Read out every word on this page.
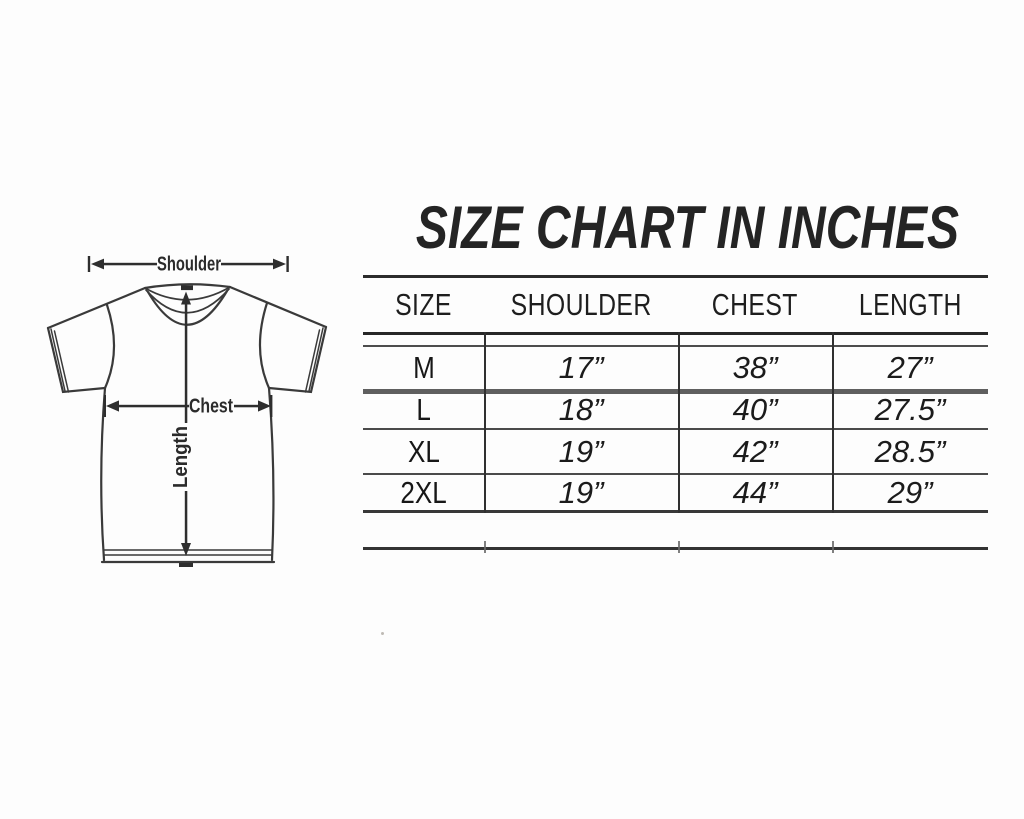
SIZE CHART IN INCHES
Shoulder
Chest
Length
SIZE SHOULDER CHEST LENGTH
M	17”	38”	27”
L	18”	40”	27.5”
XL	19”	42”	28.5”
2XL	19”	44”	29”
